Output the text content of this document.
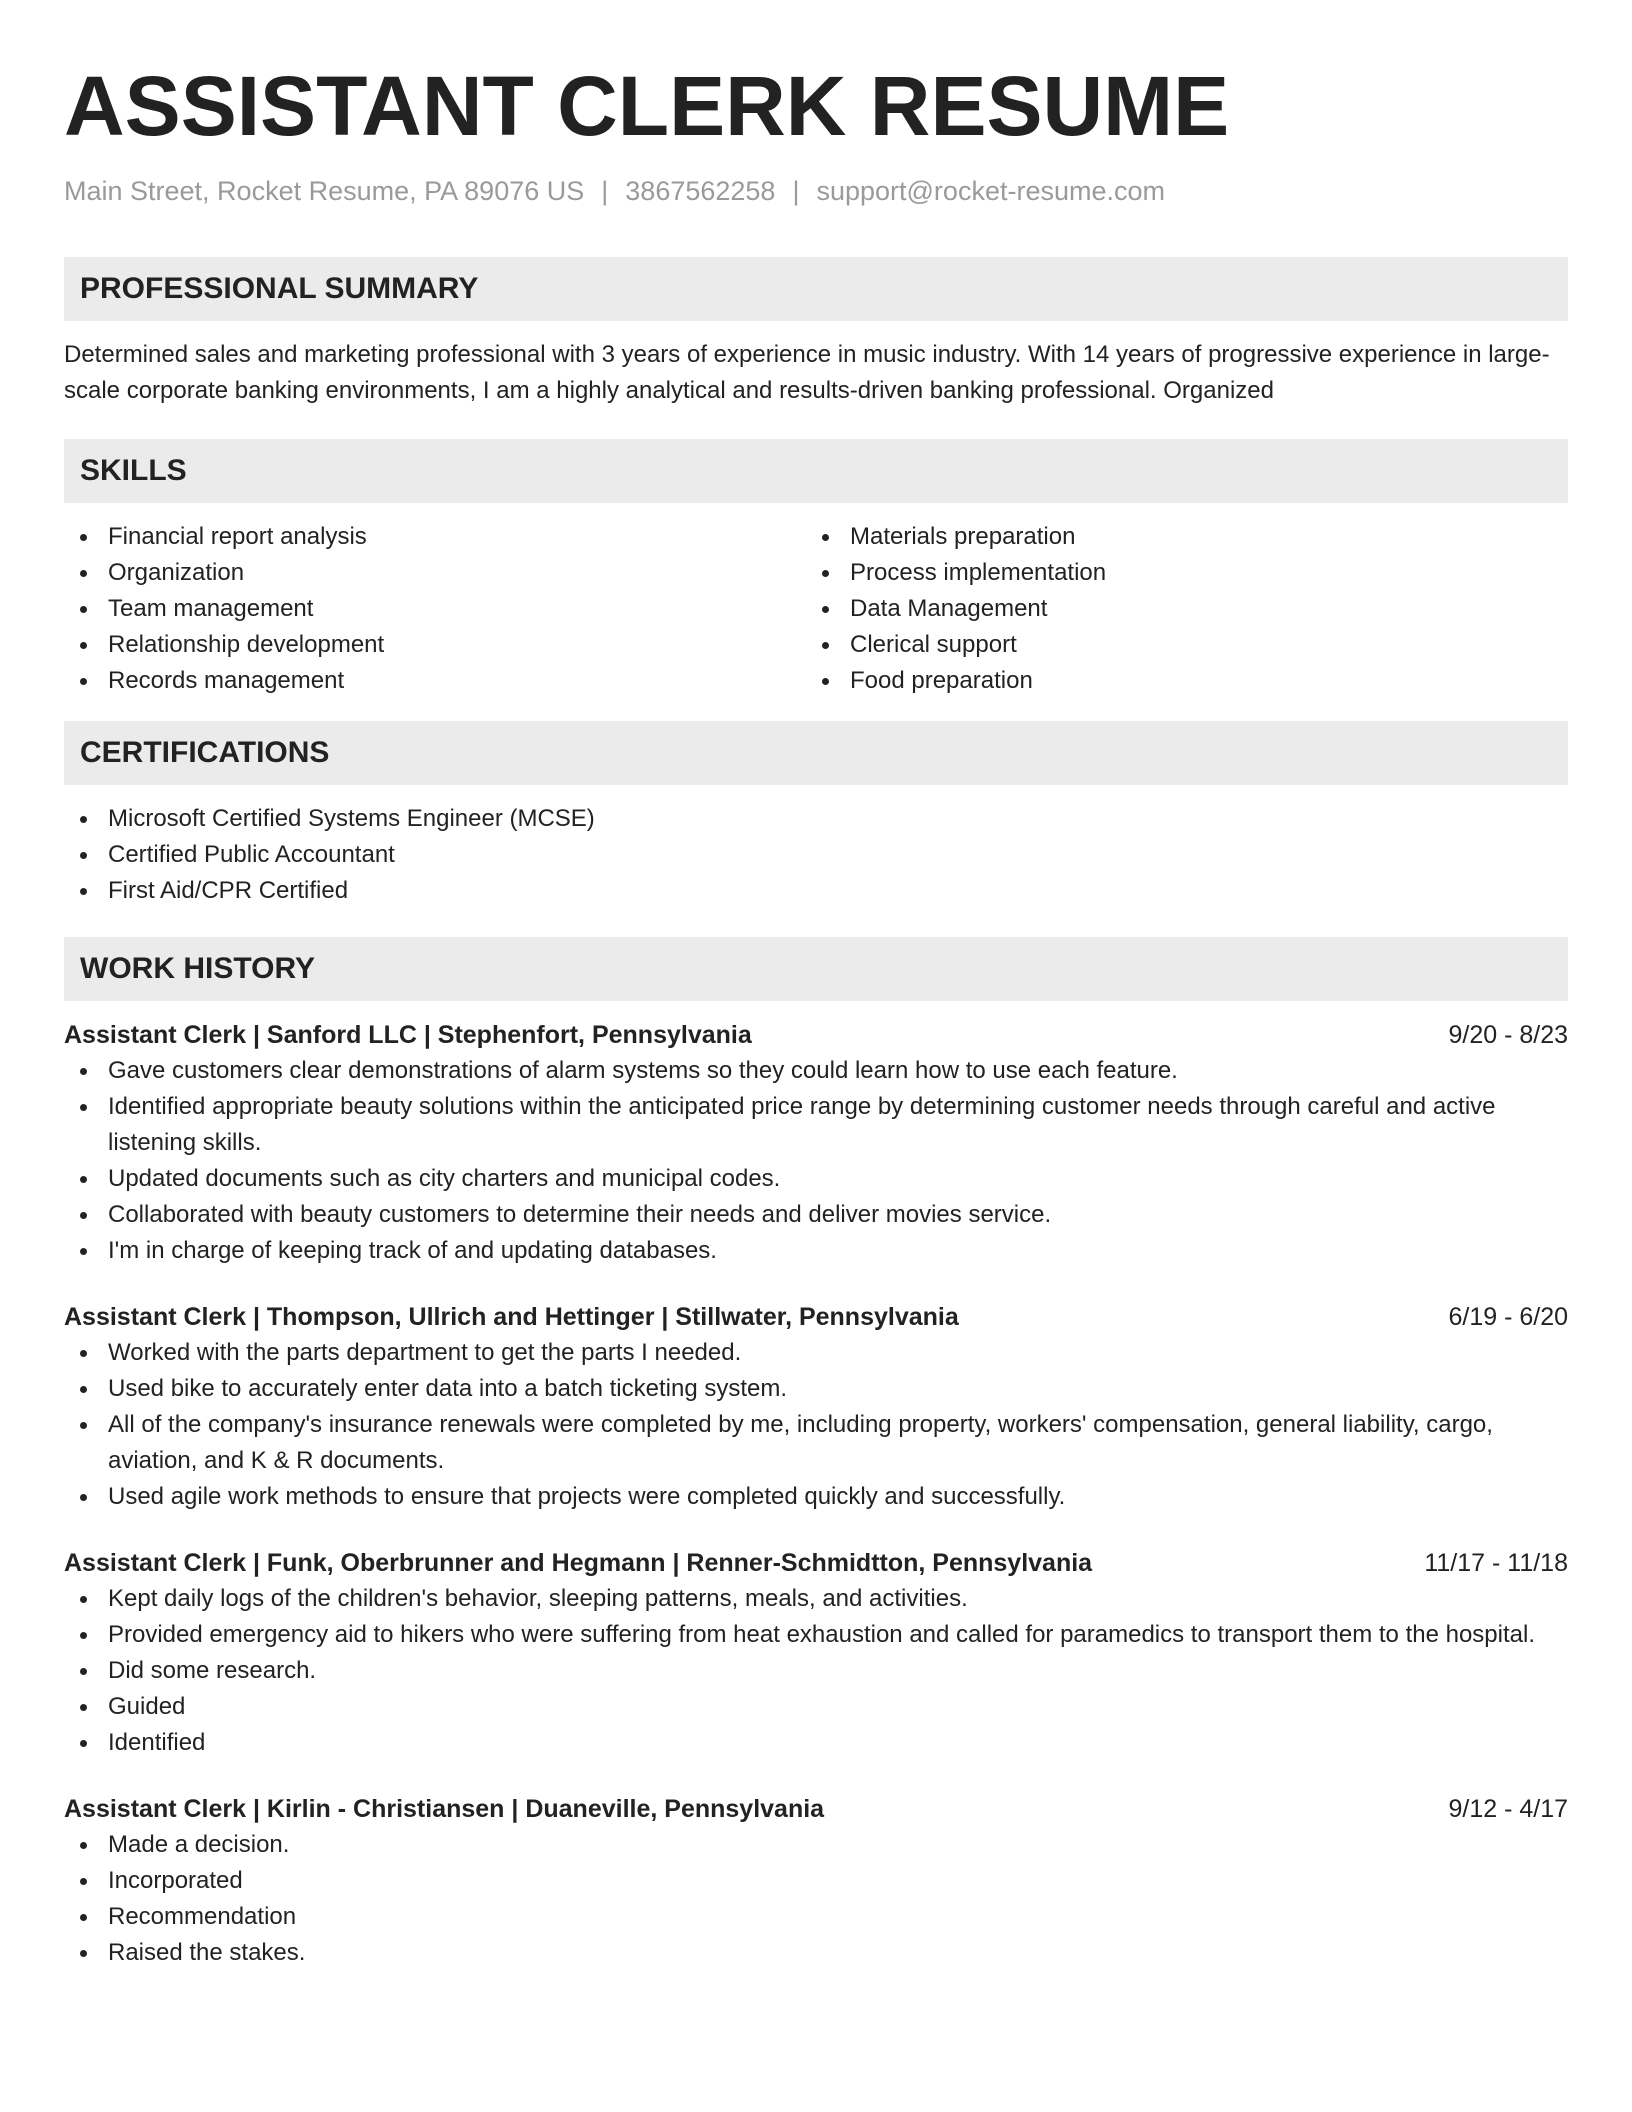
ASSISTANT CLERK RESUME
Main Street, Rocket Resume, PA 89076 US | 3867562258 | support@rocket-resume.com
PROFESSIONAL SUMMARY

Determined sales and marketing professional with 3 years of experience in music industry. With 14 years of progressive experience in large-scale corporate banking environments, I am a highly analytical and results-driven banking professional. Organized

SKILLS
Financial report analysis
Organization
Team management
Relationship development
Records management
Materials preparation
Process implementation
Data Management
Clerical support
Food preparation
CERTIFICATIONS
Microsoft Certified Systems Engineer (MCSE)
Certified Public Accountant
First Aid/CPR Certified
WORK HISTORY
Assistant Clerk | Sanford LLC | Stephenfort, Pennsylvania	9/20 - 8/23
Gave customers clear demonstrations of alarm systems so they could learn how to use each feature.
Identified appropriate beauty solutions within the anticipated price range by determining customer needs through careful and active listening skills.
Updated documents such as city charters and municipal codes.
Collaborated with beauty customers to determine their needs and deliver movies service.
I'm in charge of keeping track of and updating databases.
Assistant Clerk | Thompson, Ullrich and Hettinger | Stillwater, Pennsylvania	6/19 - 6/20
Worked with the parts department to get the parts I needed.
Used bike to accurately enter data into a batch ticketing system.
All of the company's insurance renewals were completed by me, including property, workers' compensation, general liability, cargo, aviation, and K & R documents.
Used agile work methods to ensure that projects were completed quickly and successfully.
Assistant Clerk | Funk, Oberbrunner and Hegmann | Renner-Schmidtton, Pennsylvania	11/17 - 11/18
Kept daily logs of the children's behavior, sleeping patterns, meals, and activities.
Provided emergency aid to hikers who were suffering from heat exhaustion and called for paramedics to transport them to the hospital.
Did some research.
Guided
Identified
Assistant Clerk | Kirlin - Christiansen | Duaneville, Pennsylvania	9/12 - 4/17
Made a decision.
Incorporated
Recommendation
Raised the stakes.
